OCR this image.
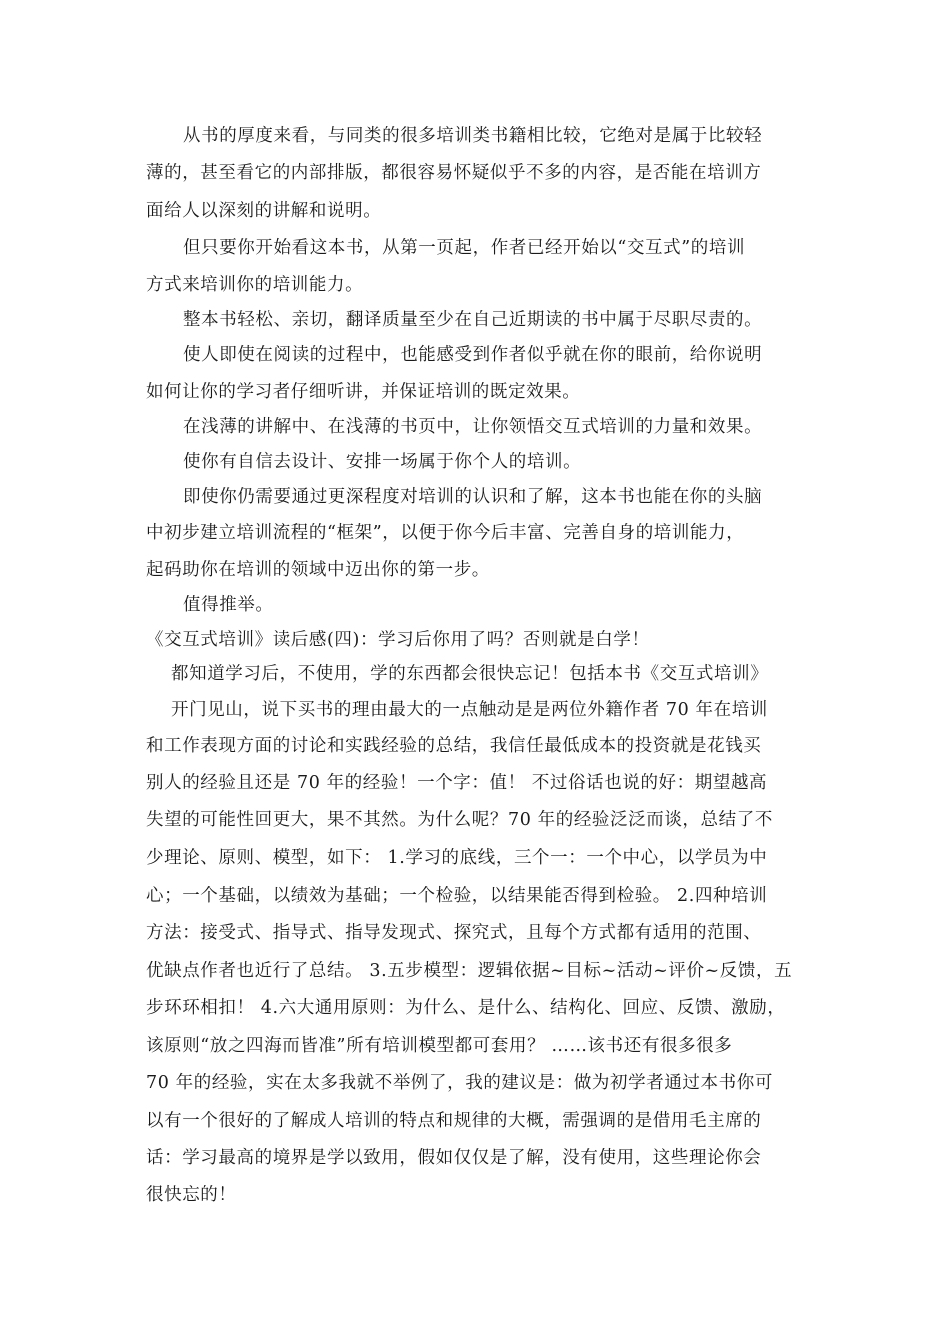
从书的厚度来看，与同类的很多培训类书籍相比较，它绝对是属于比较轻
薄的，甚至看它的内部排版，都很容易怀疑似乎不多的内容，是否能在培训方
面给人以深刻的讲解和说明。
但只要你开始看这本书，从第一页起，作者已经开始以“交互式”的培训
方式来培训你的培训能力。
整本书轻松、亲切，翻译质量至少在自己近期读的书中属于尽职尽责的。
使人即使在阅读的过程中，也能感受到作者似乎就在你的眼前，给你说明
如何让你的学习者仔细听讲，并保证培训的既定效果。
在浅薄的讲解中、在浅薄的书页中，让你领悟交互式培训的力量和效果。
使你有自信去设计、安排一场属于你个人的培训。
即使你仍需要通过更深程度对培训的认识和了解，这本书也能在你的头脑
中初步建立培训流程的“框架”，以便于你今后丰富、完善自身的培训能力，
起码助你在培训的领域中迈出你的第一步。
值得推举。
《交互式培训》读后感(四)：学习后你用了吗？否则就是白学！
都知道学习后，不使用，学的东西都会很快忘记！包括本书《交互式培训》
开门见山，说下买书的理由最大的一点触动是是两位外籍作者 70 年在培训
和工作表现方面的讨论和实践经验的总结，我信任最低成本的投资就是花钱买
别人的经验且还是 70 年的经验！一个字：值！ 不过俗话也说的好：期望越高
失望的可能性回更大，果不其然。为什么呢？70 年的经验泛泛而谈，总结了不
少理论、原则、模型，如下： 1.学习的底线，三个一：一个中心，以学员为中
心；一个基础，以绩效为基础；一个检验，以结果能否得到检验。 2.四种培训
方法：接受式、指导式、指导发现式、探究式，且每个方式都有适用的范围、
优缺点作者也近行了总结。 3.五步模型：逻辑依据~目标~活动~评价~反馈，五
步环环相扣！ 4.六大通用原则：为什么、是什么、结构化、回应、反馈、激励，
该原则“放之四海而皆准”所有培训模型都可套用？ ……该书还有很多很多
70 年的经验，实在太多我就不举例了，我的建议是：做为初学者通过本书你可
以有一个很好的了解成人培训的特点和规律的大概，需强调的是借用毛主席的
话：学习最高的境界是学以致用，假如仅仅是了解，没有使用，这些理论你会
很快忘的！
